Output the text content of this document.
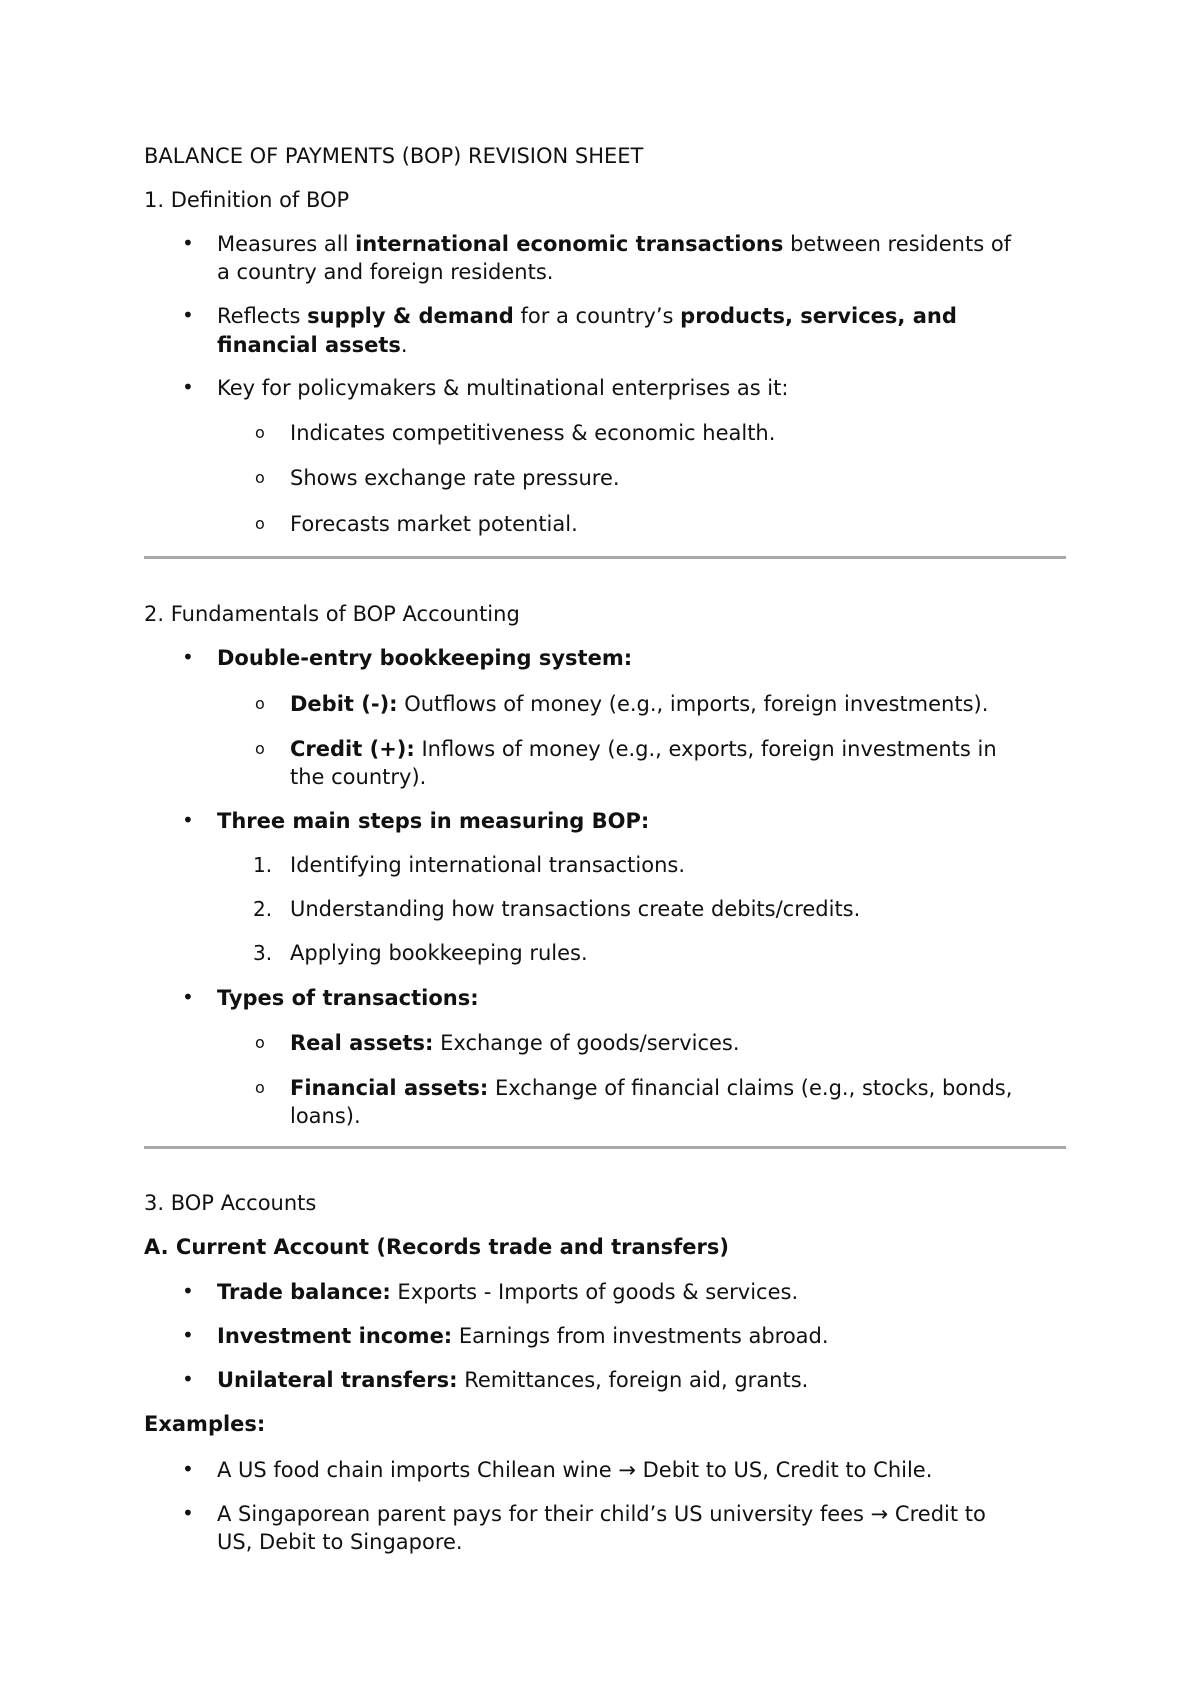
BALANCE OF PAYMENTS (BOP) REVISION SHEET
1. Definition of BOP
• Measures all international economic transactions between residents of
a country and foreign residents.
• Reflects supply & demand for a country’s products, services, and
financial assets.
• Key for policymakers & multinational enterprises as it:
o Indicates competitiveness & economic health.
o Shows exchange rate pressure.
o Forecasts market potential.
2. Fundamentals of BOP Accounting
• Double-entry bookkeeping system:
o Debit (-): Outflows of money (e.g., imports, foreign investments).
o Credit (+): Inflows of money (e.g., exports, foreign investments in
the country).
• Three main steps in measuring BOP:
1. Identifying international transactions.
2. Understanding how transactions create debits/credits.
3. Applying bookkeeping rules.
• Types of transactions:
o Real assets: Exchange of goods/services.
o Financial assets: Exchange of financial claims (e.g., stocks, bonds,
loans).
3. BOP Accounts
A. Current Account (Records trade and transfers)
• Trade balance: Exports - Imports of goods & services.
• Investment income: Earnings from investments abroad.
• Unilateral transfers: Remittances, foreign aid, grants.
Examples:
• A US food chain imports Chilean wine → Debit to US, Credit to Chile.
• A Singaporean parent pays for their child’s US university fees → Credit to
US, Debit to Singapore.
